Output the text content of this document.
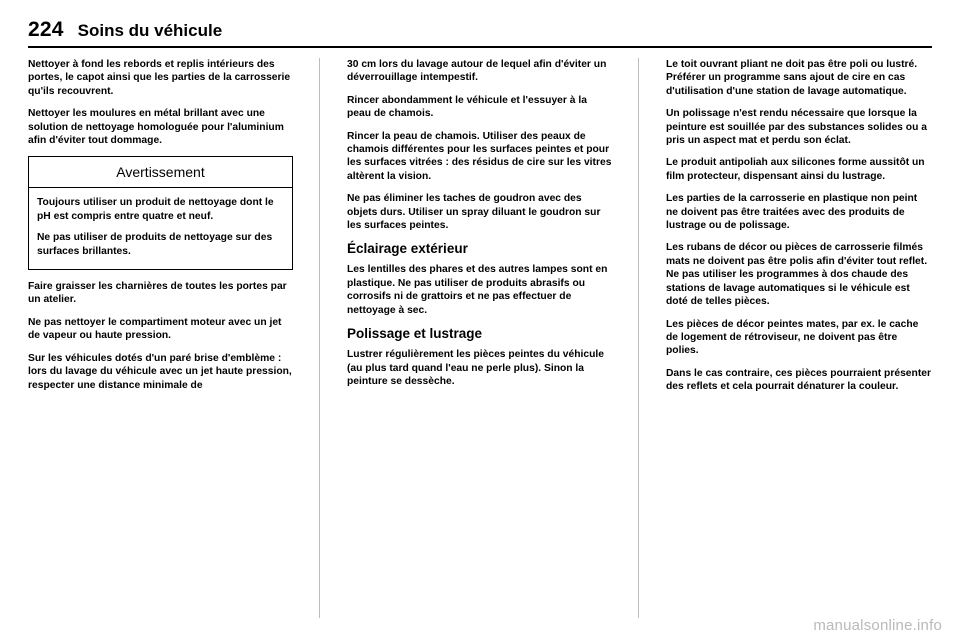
224 Soins du véhicule

Nettoyer à fond les rebords et replis intérieurs des portes, le capot ainsi que les parties de la carrosserie qu'ils recouvrent.

Nettoyer les moulures en métal brillant avec une solution de nettoyage homologuée pour l'aluminium afin d'éviter tout dommage.

Avertissement

Toujours utiliser un produit de nettoyage dont le pH est compris entre quatre et neuf.

Ne pas utiliser de produits de nettoyage sur des surfaces brillantes.

Faire graisser les charnières de toutes les portes par un atelier.

Ne pas nettoyer le compartiment moteur avec un jet de vapeur ou haute pression.

Sur les véhicules dotés d'un paré brise d'emblème : lors du lavage du véhicule avec un jet haute pression, respecter une distance minimale de

30 cm lors du lavage autour de lequel afin d'éviter un déverrouillage intempestif.

Rincer abondamment le véhicule et l'essuyer à la peau de chamois.

Rincer la peau de chamois. Utiliser des peaux de chamois différentes pour les surfaces peintes et pour les surfaces vitrées : des résidus de cire sur les vitres altèrent la vision.

Ne pas éliminer les taches de goudron avec des objets durs. Utiliser un spray diluant le goudron sur les surfaces peintes.

Éclairage extérieur

Les lentilles des phares et des autres lampes sont en plastique. Ne pas utiliser de produits abrasifs ou corrosifs ni de grattoirs et ne pas effectuer de nettoyage à sec.

Polissage et lustrage

Lustrer régulièrement les pièces peintes du véhicule (au plus tard quand l'eau ne perle plus). Sinon la peinture se dessèche.

Le toit ouvrant pliant ne doit pas être poli ou lustré. Préférer un programme sans ajout de cire en cas d'utilisation d'une station de lavage automatique.

Un polissage n'est rendu nécessaire que lorsque la peinture est souillée par des substances solides ou a pris un aspect mat et perdu son éclat.

Le produit antipoliah aux silicones forme aussitôt un film protecteur, dispensant ainsi du lustrage.

Les parties de la carrosserie en plastique non peint ne doivent pas être traitées avec des produits de lustrage ou de polissage.

Les rubans de décor ou pièces de carrosserie filmés mats ne doivent pas être polis afin d'éviter tout reflet. Ne pas utiliser les programmes à dos chaude des stations de lavage automatiques si le véhicule est doté de telles pièces.

Les pièces de décor peintes mates, par ex. le cache de logement de rétroviseur, ne doivent pas être polies.

Dans le cas contraire, ces pièces pourraient présenter des reflets et cela pourrait dénaturer la couleur.

manualsonline.info
